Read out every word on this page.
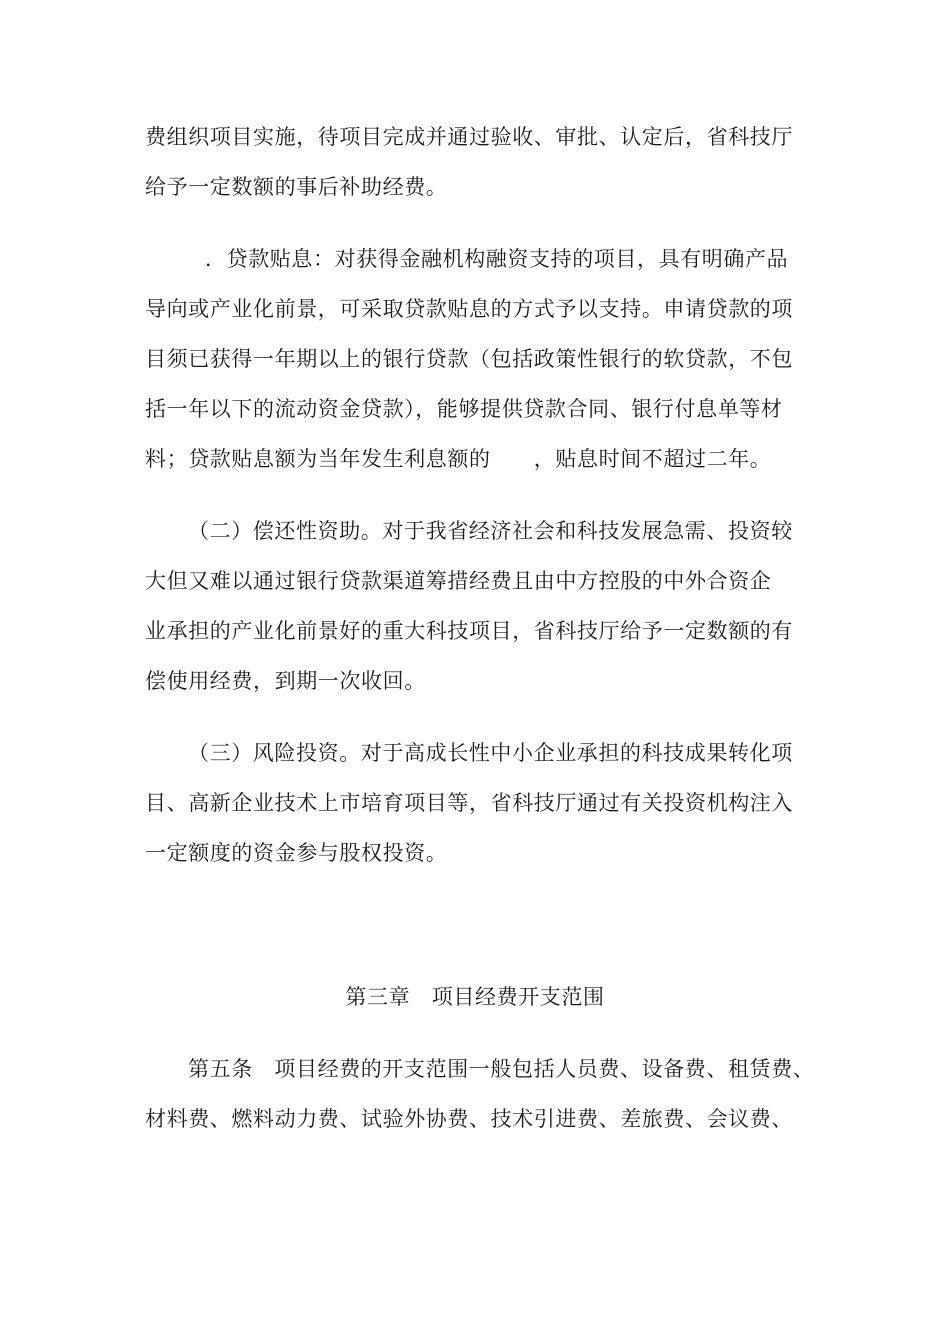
费组织项目实施，待项目完成并通过验收、审批、认定后，省科技厅
给予一定数额的事后补助经费。
．贷款贴息：对获得金融机构融资支持的项目，具有明确产品
导向或产业化前景，可采取贷款贴息的方式予以支持。申请贷款的项
目须已获得一年期以上的银行贷款（包括政策性银行的软贷款，不包
括一年以下的流动资金贷款），能够提供贷款合同、银行付息单等材
料；贷款贴息额为当年发生利息额的　　，贴息时间不超过二年。
（二）偿还性资助。对于我省经济社会和科技发展急需、投资较
大但又难以通过银行贷款渠道筹措经费且由中方控股的中外合资企
业承担的产业化前景好的重大科技项目，省科技厅给予一定数额的有
偿使用经费，到期一次收回。
（三）风险投资。对于高成长性中小企业承担的科技成果转化项
目、高新企业技术上市培育项目等，省科技厅通过有关投资机构注入
一定额度的资金参与股权投资。
第三章　项目经费开支范围
第五条　项目经费的开支范围一般包括人员费、设备费、租赁费、
材料费、燃料动力费、试验外协费、技术引进费、差旅费、会议费、
